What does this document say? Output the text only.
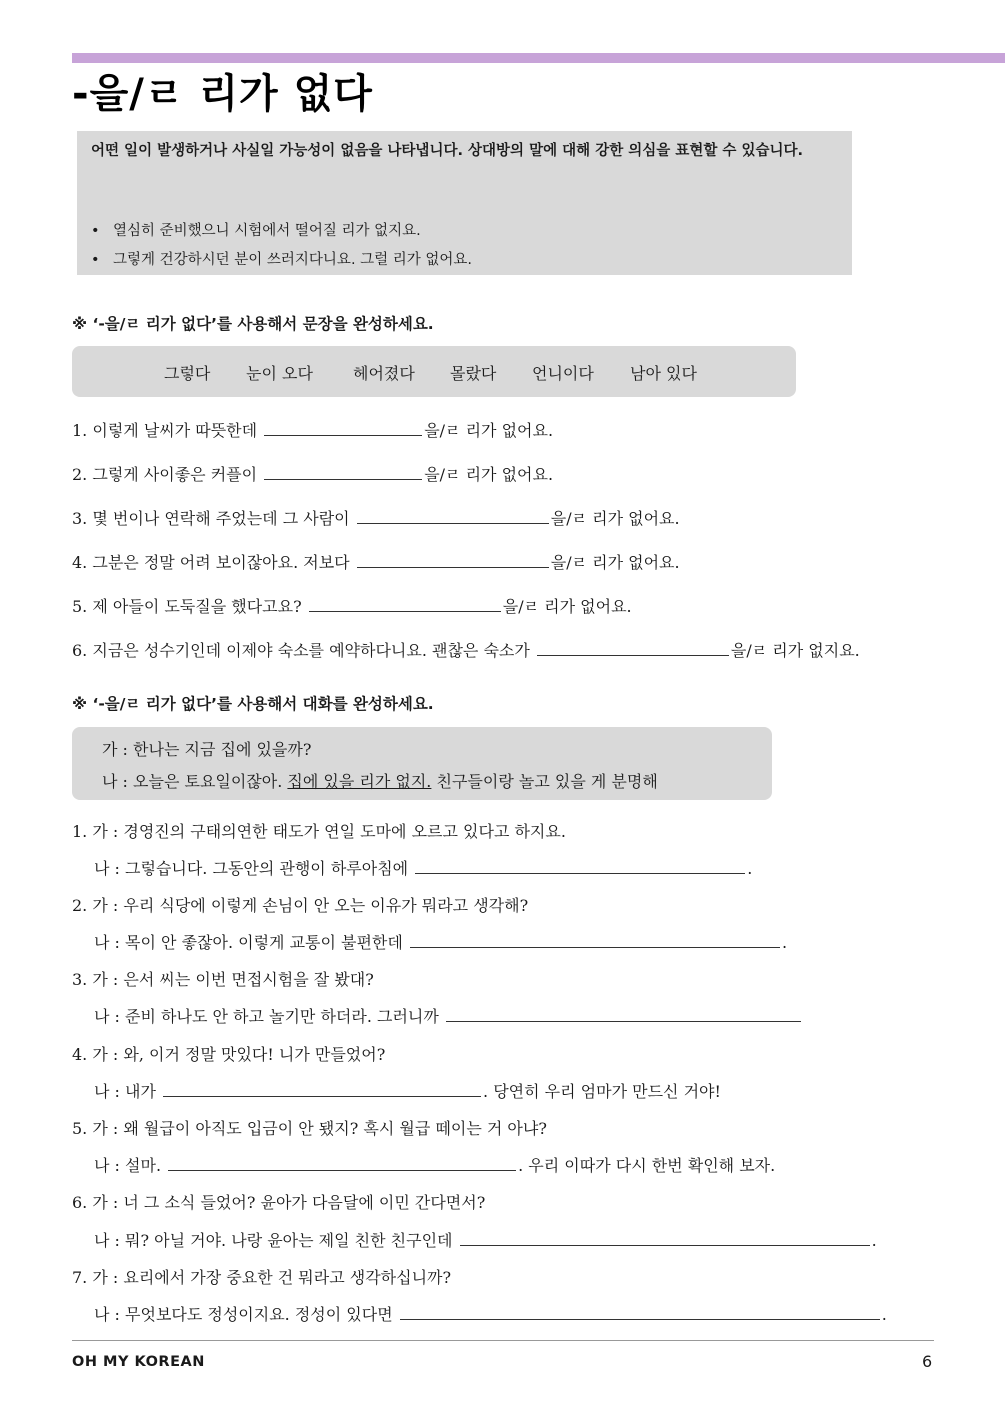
-을/ㄹ 리가 없다
어떤 일이 발생하거나 사실일 가능성이 없음을 나타냅니다. 상대방의 말에 대해 강한 의심을 표현할 수 있습니다.
• 열심히 준비했으니 시험에서 떨어질 리가 없지요.
• 그렇게 건강하시던 분이 쓰러지다니요. 그럴 리가 없어요.
※ ‘-을/ㄹ 리가 없다’를 사용해서 문장을 완성하세요.
그렇다 눈이 오다	헤어졌다 몰랐다 언니이다 남아 있다
1. 이렇게 날씨가 따뜻한데	을/ㄹ 리가 없어요.
2. 그렇게 사이좋은 커플이	을/ㄹ 리가 없어요.
3. 몇 번이나 연락해 주었는데 그 사람이	을/ㄹ 리가 없어요.
4. 그분은 정말 어려 보이잖아요. 저보다	을/ㄹ 리가 없어요.
5. 제 아들이 도둑질을 했다고요?	을/ㄹ 리가 없어요.
6. 지금은 성수기인데 이제야 숙소를 예약하다니요. 괜찮은 숙소가	을/ㄹ 리가 없지요.
※ ‘-을/ㄹ 리가 없다’를 사용해서 대화를 완성하세요.
가 : 한나는 지금 집에 있을까?
나 : 오늘은 토요일이잖아. 집에 있을 리가 없지. 친구들이랑 놀고 있을 게 분명해
1. 가 : 경영진의 구태의연한 태도가 연일 도마에 오르고 있다고 하지요.
나 : 그렇습니다. 그동안의 관행이 하루아침에	.
2. 가 : 우리 식당에 이렇게 손님이 안 오는 이유가 뭐라고 생각해?
나 : 목이 안 좋잖아. 이렇게 교통이 불편한데	.
3. 가 : 은서 씨는 이번 면접시험을 잘 봤대?
나 : 준비 하나도 안 하고 놀기만 하더라. 그러니까
4. 가 : 와, 이거 정말 맛있다! 니가 만들었어?
나 : 내가	. 당연히 우리 엄마가 만드신 거야!
5. 가 : 왜 월급이 아직도 입금이 안 됐지? 혹시 월급 떼이는 거 아냐?
나 : 설마.	. 우리 이따가 다시 한번 확인해 보자.
6. 가 : 너 그 소식 들었어? 윤아가 다음달에 이민 간다면서?
나 : 뭐? 아닐 거야. 나랑 윤아는 제일 친한 친구인데	.
7. 가 : 요리에서 가장 중요한 건 뭐라고 생각하십니까?
나 : 무엇보다도 정성이지요. 정성이 있다면	.
OH MY KOREAN	6
